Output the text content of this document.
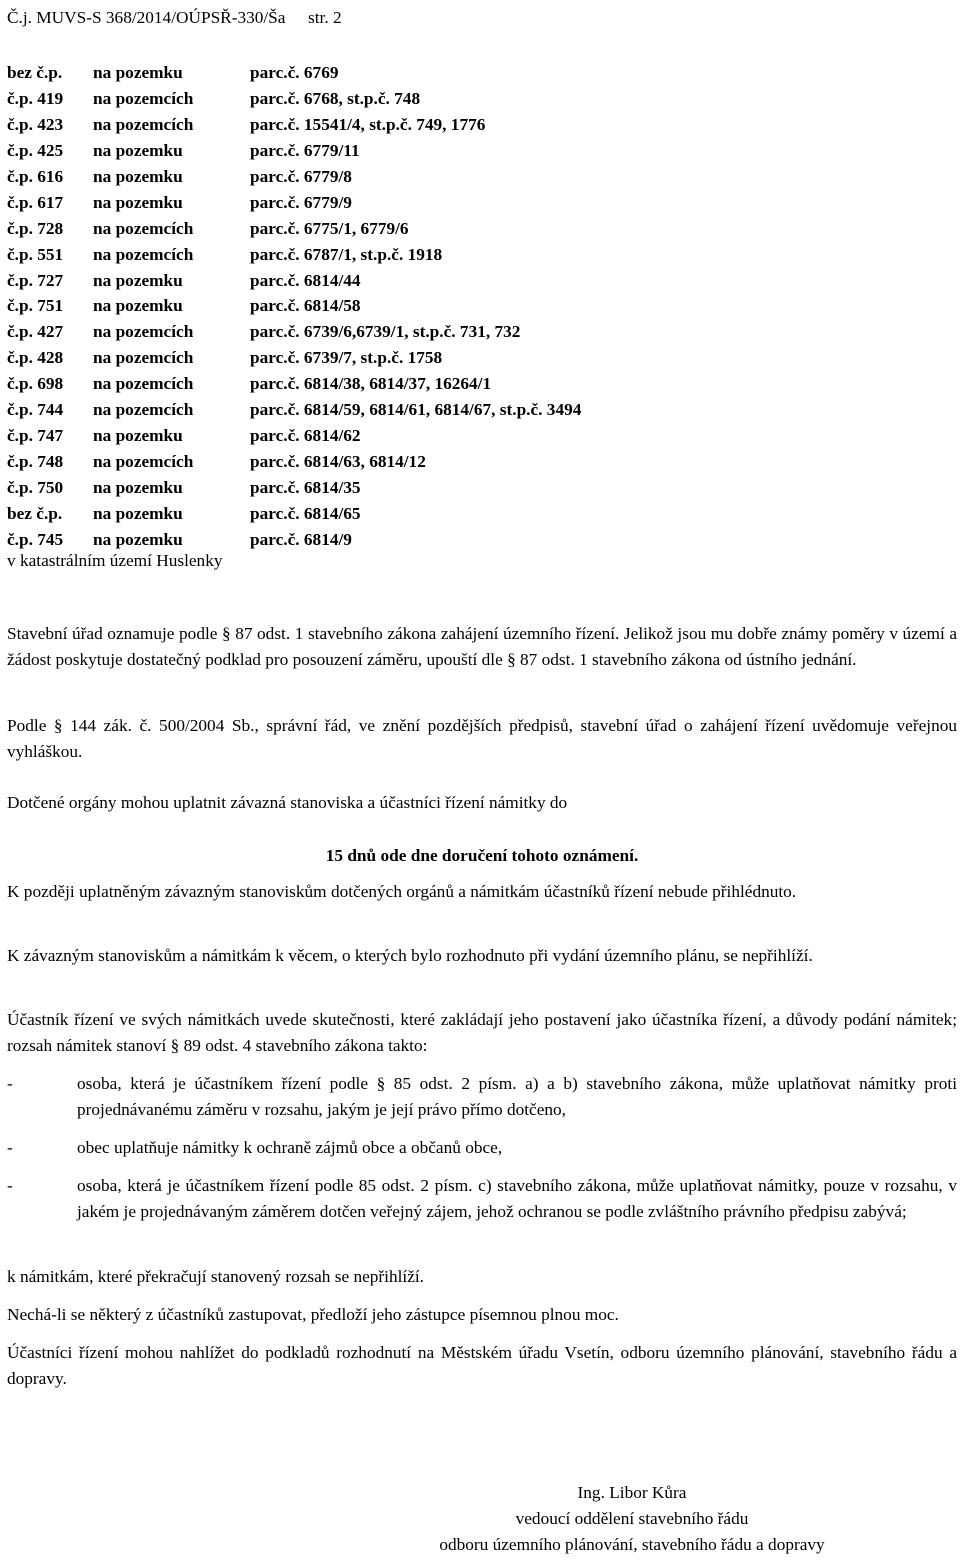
Č.j. MUVS-S 368/2014/OÚPSŘ-330/Ša str. 2
bez č.p. na pozemku	parc.č. 6769
č.p. 419 na pozemcích	parc.č. 6768, st.p.č. 748
č.p. 423 na pozemcích	parc.č. 15541/4, st.p.č. 749, 1776
č.p. 425 na pozemku	parc.č. 6779/11
č.p. 616 na pozemku	parc.č. 6779/8
č.p. 617 na pozemku	parc.č. 6779/9
č.p. 728 na pozemcích	parc.č. 6775/1, 6779/6
č.p. 551 na pozemcích	parc.č. 6787/1, st.p.č. 1918
č.p. 727 na pozemku	parc.č. 6814/44
č.p. 751 na pozemku	parc.č. 6814/58
č.p. 427 na pozemcích	parc.č. 6739/6,6739/1, st.p.č. 731, 732
č.p. 428 na pozemcích	parc.č. 6739/7, st.p.č. 1758
č.p. 698 na pozemcích	parc.č. 6814/38, 6814/37, 16264/1
č.p. 744 na pozemcích	parc.č. 6814/59, 6814/61, 6814/67, st.p.č. 3494
č.p. 747 na pozemku	parc.č. 6814/62
č.p. 748 na pozemcích	parc.č. 6814/63, 6814/12
č.p. 750 na pozemku	parc.č. 6814/35
bez č.p. na pozemku	parc.č. 6814/65
č.p. 745 na pozemku	parc.č. 6814/9
v katastrálním území Huslenky
Stavební úřad oznamuje podle § 87 odst. 1 stavebního zákona zahájení územního řízení. Jelikož jsou mu dobře známy poměry v území a žádost poskytuje dostatečný podklad pro posouzení záměru, upouští dle § 87 odst. 1 stavebního zákona od ústního jednání.
Podle § 144 zák. č. 500/2004 Sb., správní řád, ve znění pozdějších předpisů, stavební úřad o zahájení řízení uvědomuje veřejnou vyhláškou.
Dotčené orgány mohou uplatnit závazná stanoviska a účastníci řízení námitky do
15 dnů ode dne doručení tohoto oznámení.
K později uplatněným závazným stanoviskům dotčených orgánů a námitkám účastníků řízení nebude přihlédnuto.
K závazným stanoviskům a námitkám k věcem, o kterých bylo rozhodnuto při vydání územního plánu, se nepřihlíží.
Účastník řízení ve svých námitkách uvede skutečnosti, které zakládají jeho postavení jako účastníka řízení, a důvody podání námitek; rozsah námitek stanoví § 89 odst. 4 stavebního zákona takto:
-	osoba, která je účastníkem řízení podle § 85 odst. 2 písm. a) a b) stavebního zákona, může uplatňovat námitky proti projednávanému záměru v rozsahu, jakým je její právo přímo dotčeno,
-	obec uplatňuje námitky k ochraně zájmů obce a občanů obce,
-	osoba, která je účastníkem řízení podle 85 odst. 2 písm. c) stavebního zákona, může uplatňovat námitky, pouze v rozsahu, v jakém je projednávaným záměrem dotčen veřejný zájem, jehož ochranou se podle zvláštního právního předpisu zabývá;
k námitkám, které překračují stanovený rozsah se nepřihlíží.
Nechá-li se některý z účastníků zastupovat, předloží jeho zástupce písemnou plnou moc.
Účastníci řízení mohou nahlížet do podkladů rozhodnutí na Městském úřadu Vsetín, odboru územního plánování, stavebního řádu a dopravy.
Ing. Libor Kůra
vedoucí oddělení stavebního řádu
odboru územního plánování, stavebního řádu a dopravy
